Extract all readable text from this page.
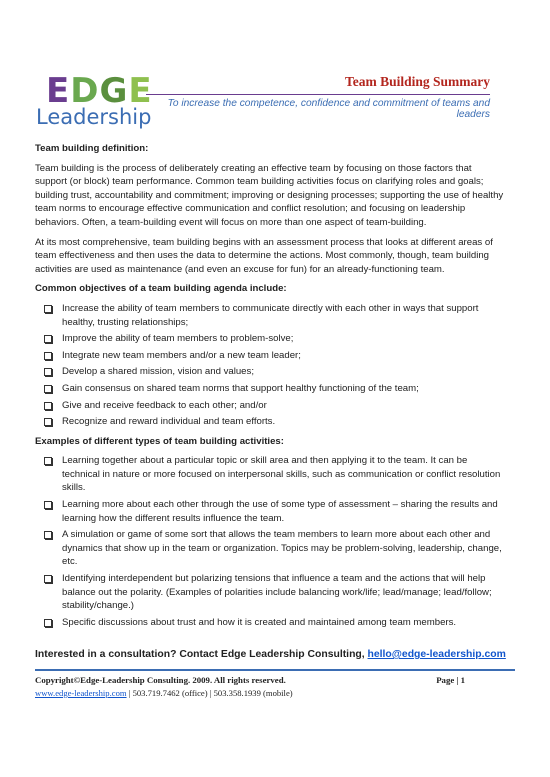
EDGE
Leadership
Team Building Summary
To increase the competence, confidence and commitment of teams and leaders

Team building definition:

Team building is the process of deliberately creating an effective team by focusing on those factors that support (or block) team performance. Common team building activities focus on clarifying roles and goals; building trust, accountability and commitment; improving or designing processes; supporting the use of healthy team norms to encourage effective communication and conflict resolution; and focusing on leadership behaviors. Often, a team-building event will focus on more than one aspect of team-building.

At its most comprehensive, team building begins with an assessment process that looks at different areas of team effectiveness and then uses the data to determine the actions. Most commonly, though, team building activities are used as maintenance (and even an excuse for fun) for an already-functioning team.

Common objectives of a team building agenda include:

Increase the ability of team members to communicate directly with each other in ways that support healthy, trusting relationships;
Improve the ability of team members to problem-solve;
Integrate new team members and/or a new team leader;
Develop a shared mission, vision and values;
Gain consensus on shared team norms that support healthy functioning of the team;
Give and receive feedback to each other; and/or
Recognize and reward individual and team efforts.

Examples of different types of team building activities:

Learning together about a particular topic or skill area and then applying it to the team. It can be technical in nature or more focused on interpersonal skills, such as communication or conflict resolution skills.
Learning more about each other through the use of some type of assessment – sharing the results and learning how the different results influence the team.
A simulation or game of some sort that allows the team members to learn more about each other and dynamics that show up in the team or organization. Topics may be problem-solving, leadership, change, etc.
Identifying interdependent but polarizing tensions that influence a team and the actions that will help balance out the polarity. (Examples of polarities include balancing work/life; lead/manage; lead/follow; stability/change.)
Specific discussions about trust and how it is created and maintained among team members.
Interested in a consultation? Contact Edge Leadership Consulting, hello@edge-leadership.com
Copyright©Edge-Leadership Consulting. 2009. All rights reserved.	Page | 1
www.edge-leadership.com | 503.719.7462 (office) | 503.358.1939 (mobile)
